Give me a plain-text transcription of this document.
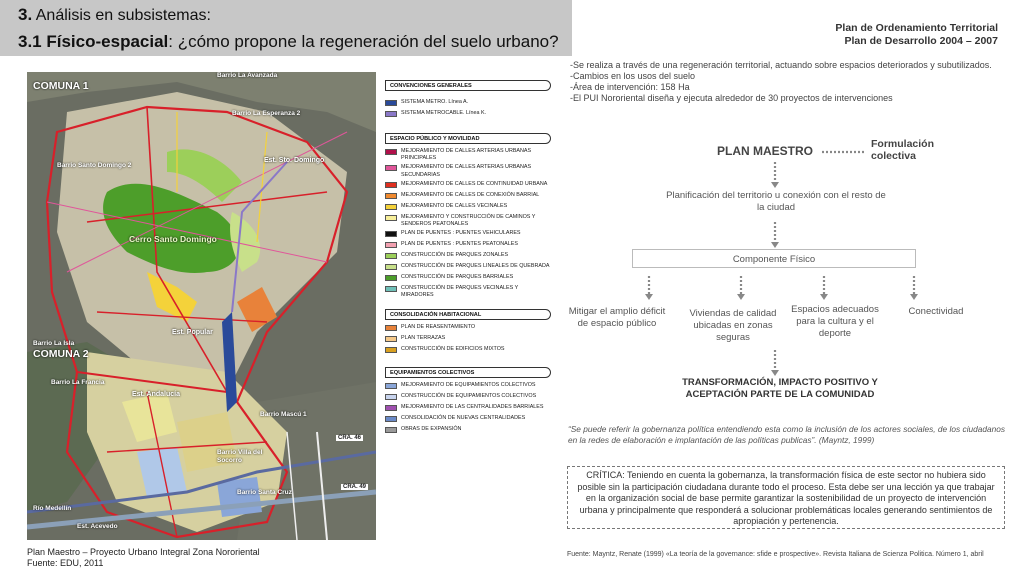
3. Análisis en subsistemas:
3.1 Físico-espacial: ¿cómo propone la regeneración del suelo urbano?
Plan de Ordenamiento Territorial
Plan de Desarrollo 2004 – 2007
COMUNA 1
COMUNA 2
Barrio La Avanzada
Barrio La Esperanza 2
Barrio Santo Domingo 2
Est. Sto. Domingo
Cerro Santo Domingo
Est. Popular
Barrio La Isla
Barrio La Francia
Est. Andalucía
Barrio Mascú 1
Barrio Villa del Socorro
Barrio Santa Cruz
Río Medellín
Est. Acevedo
CRA. 46
CRA. 49
CONVENCIONES GENERALES
SISTEMA METRO. Línea A.
SISTEMA METROCABLE. Línea K.
ESPACIO PÚBLICO Y MOVILIDAD
MEJORAMIENTO DE CALLES ARTERIAS URBANAS PRINCIPALES
MEJORAMIENTO DE CALLES ARTERIAS URBANAS SECUNDARIAS
MEJORAMIENTO DE CALLES DE CONTINUIDAD URBANA
MEJORAMIENTO DE CALLES DE CONEXIÓN BARRIAL
MEJORAMIENTO DE CALLES VECINALES
MEJORAMIENTO Y CONSTRUCCIÓN DE CAMINOS Y SENDEROS PEATONALES
PLAN DE PUENTES : PUENTES VEHICULARES
PLAN DE PUENTES : PUENTES PEATONALES
CONSTRUCCIÓN DE PARQUES ZONALES
CONSTRUCCIÓN DE PARQUES LINEALES DE QUEBRADA
CONSTRUCCIÓN DE PARQUES BARRIALES
CONSTRUCCIÓN DE PARQUES VECINALES Y MIRADORES
CONSOLIDACIÓN HABITACIONAL
PLAN DE REASENTAMIENTO
PLAN TERRAZAS
CONSTRUCCIÓN DE EDIFICIOS MIXTOS
EQUIPAMIENTOS COLECTIVOS
MEJORAMIENTO DE EQUIPAMIENTOS COLECTIVOS
CONSTRUCCIÓN DE EQUIPAMIENTOS COLECTIVOS
MEJORAMIENTO DE LAS CENTRALIDADES BARRIALES
CONSOLIDACIÓN DE NUEVAS CENTRALIDADES
OBRAS DE EXPANSIÓN
Plan Maestro – Proyecto Urbano Integral Zona Nororiental
Fuente: EDU, 2011
-Se realiza a través de una regeneración territorial, actuando sobre espacios deteriorados y subutilizados.
-Cambios en los usos del suelo
-Área de intervención: 158 Ha
-El PUI Nororiental diseña y ejecuta alrededor de 30 proyectos de intervenciones
PLAN MAESTRO	Formulación colectiva
Planificación del territorio u conexión con el resto de la ciudad
Componente Físico
Mitigar el amplio déficit de espacio público
Viviendas de calidad ubicadas en zonas seguras
Espacios adecuados para la cultura y el deporte
Conectividad
TRANSFORMACIÓN, IMPACTO POSITIVO Y ACEPTACIÓN PARTE DE LA COMUNIDAD
“Se puede referir la gobernanza política entendiendo esta como la inclusión de los actores sociales, de los ciudadanos en la redes de elaboración e implantación de las políticas publicas”. (Mayntz, 1999)
CRÍTICA: Teniendo en cuenta la gobernanza, la transformación física de este sector no hubiera sido posible sin la participación ciudadana durante todo el proceso. Esta debe ser una lección ya que trabajar en la organización social de base permite garantizar la sostenibilidad de un proyecto de intervención urbana y principalmente que responderá a solucionar problemáticas locales generando sentimientos de apropiación y pertenencia.
Fuente: Mayntz, Renate (1999) «La teoría de la governance: sfide e prospective». Revista Italiana de Scienza Politica. Número 1, abril
